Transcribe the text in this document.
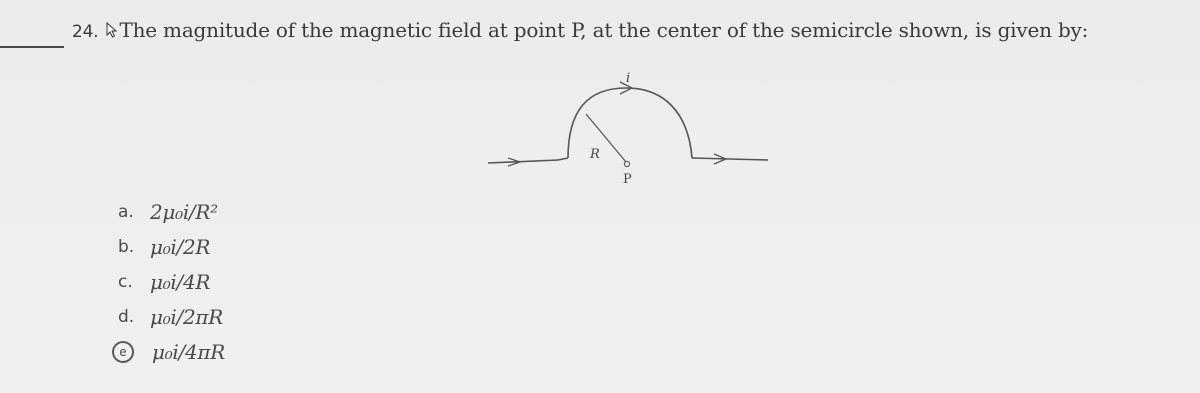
24. The magnitude of the magnetic field at point P, at the center of the semicircle shown, is given by:
i
R
P
a. 2μ₀i/R²
b. μ₀i/2R
c. μ₀i/4R
d. μ₀i/2πR
e	μ₀i/4πR
